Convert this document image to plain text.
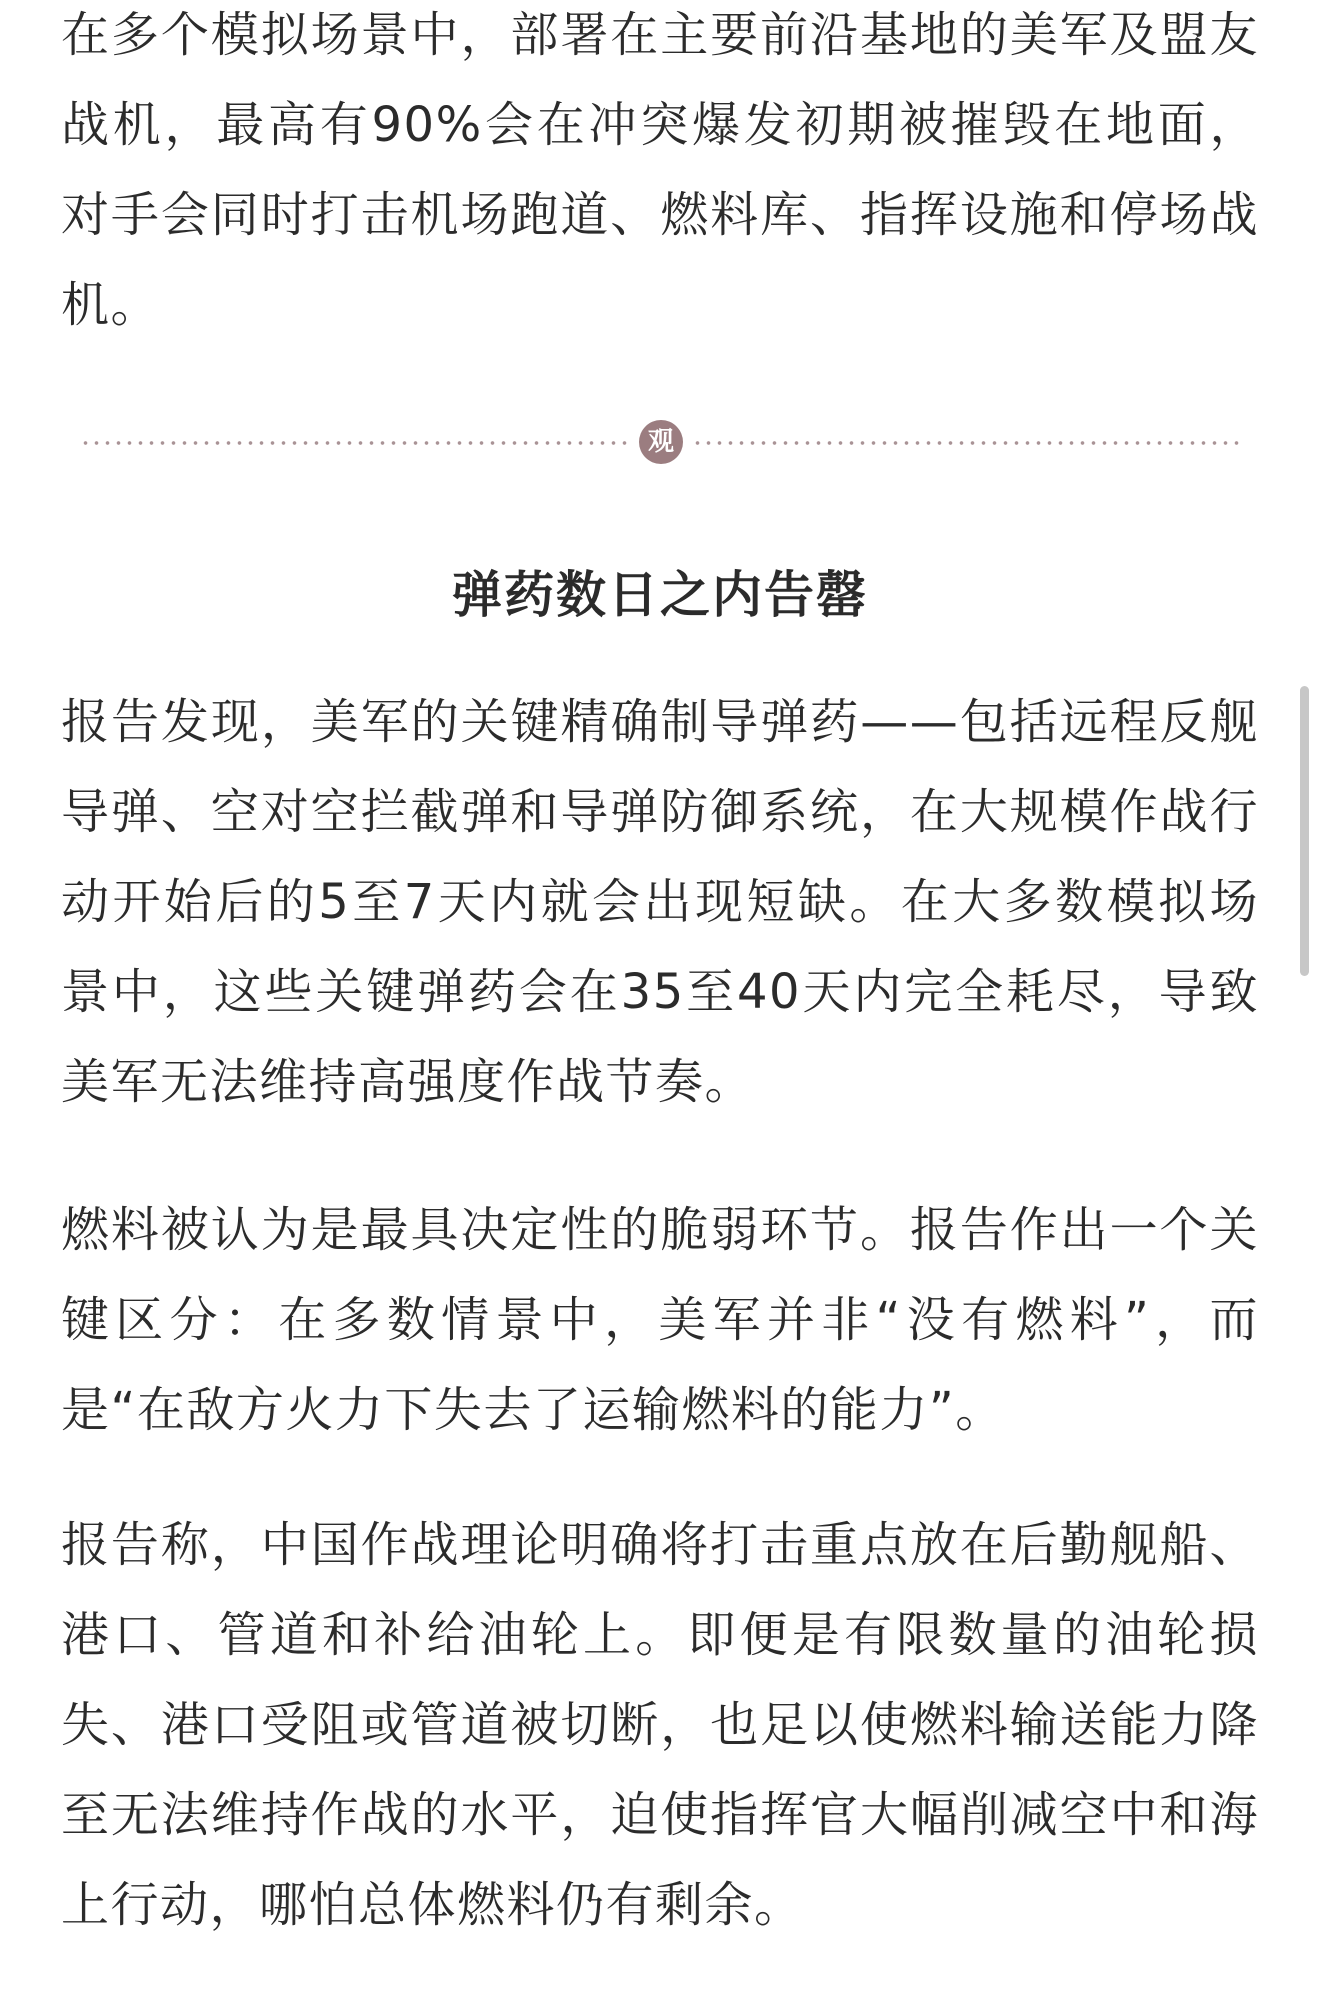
在多个模拟场景中，部署在主要前沿基地的美军及盟友战机，最高有90%会在冲突爆发初期被摧毁在地面，对手会同时打击机场跑道、燃料库、指挥设施和停场战机。

观
弹药数日之内告罄

报告发现，美军的关键精确制导弹药——包括远程反舰导弹、空对空拦截弹和导弹防御系统，在大规模作战行动开始后的5至7天内就会出现短缺。在大多数模拟场景中，这些关键弹药会在35至40天内完全耗尽，导致美军无法维持高强度作战节奏。

燃料被认为是最具决定性的脆弱环节。报告作出一个关键区分：在多数情景中，美军并非“没有燃料”，而是“在敌方火力下失去了运输燃料的能力”。

报告称，中国作战理论明确将打击重点放在后勤舰船、港口、管道和补给油轮上。即便是有限数量的油轮损失、港口受阻或管道被切断，也足以使燃料输送能力降至无法维持作战的水平，迫使指挥官大幅削减空中和海上行动，哪怕总体燃料仍有剩余。
